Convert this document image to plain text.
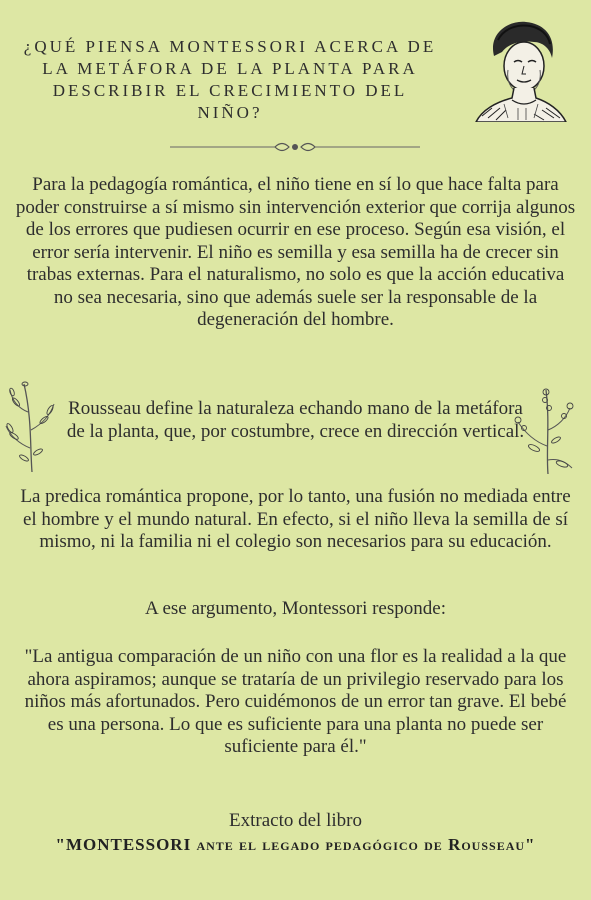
¿QUÉ PIENSA MONTESSORI ACERCA DE LA METÁFORA DE LA PLANTA PARA DESCRIBIR EL CRECIMIENTO DEL NIÑO?

Para la pedagogía romántica, el niño tiene en sí lo que hace falta para poder construirse a sí mismo sin intervención exterior que corrija algunos de los errores que pudiesen ocurrir en ese proceso. Según esa visión, el error sería intervenir. El niño es semilla y esa semilla ha de crecer sin trabas externas. Para el naturalismo, no solo es que la acción educativa no sea necesaria, sino que además suele ser la responsable de la degeneración del hombre.

Rousseau define la naturaleza echando mano de la metáfora de la planta, que, por costumbre, crece en dirección vertical.

La predica romántica propone, por lo tanto, una fusión no mediada entre el hombre y el mundo natural. En efecto, si el niño lleva la semilla de sí mismo, ni la familia ni el colegio son necesarios para su educación.

A ese argumento, Montessori responde:

"La antigua comparación de un niño con una flor es la realidad a la que ahora aspiramos; aunque se trataría de un privilegio reservado para los niños más afortunados. Pero cuidémonos de un error tan grave. El bebé es una persona. Lo que es suficiente para una planta no puede ser suficiente para él."

Extracto del libro

"MONTESSORI ante el legado pedagógico de Rousseau"
